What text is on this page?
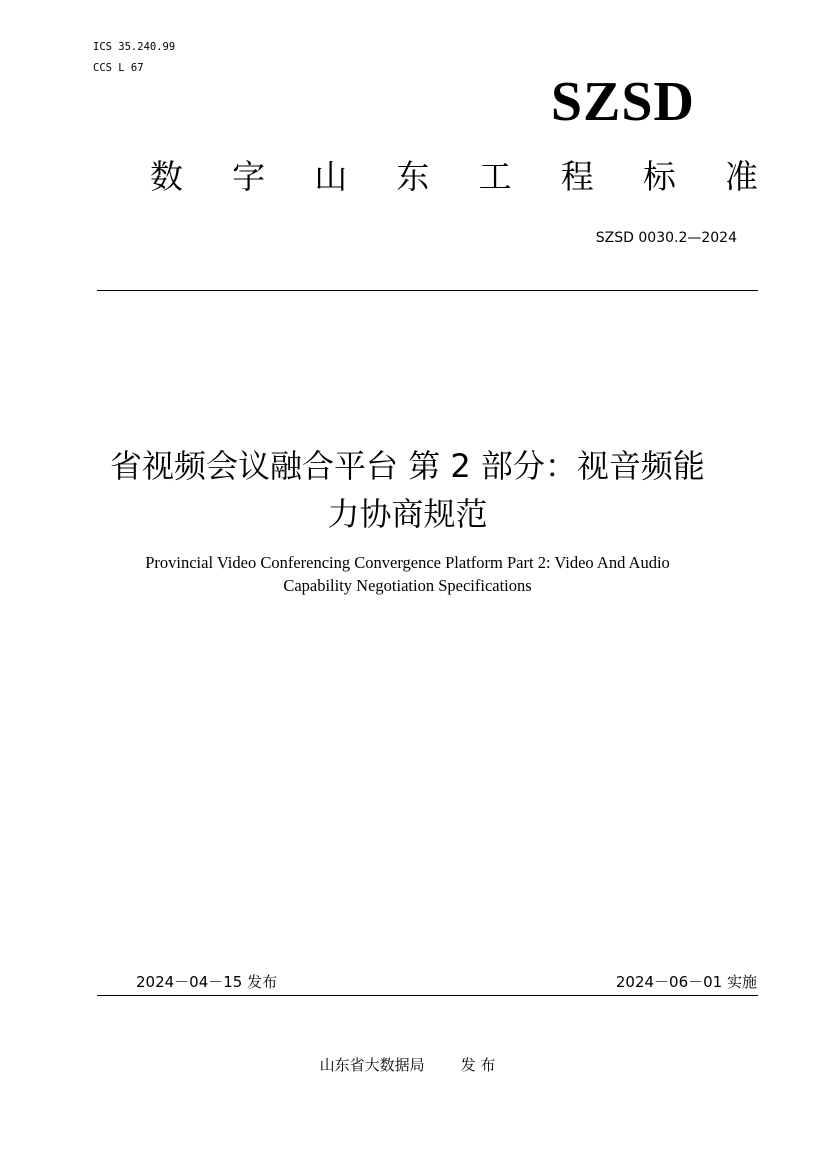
ICS 35.240.99
CCS L 67
SZSD
数 字 山 东 工 程 标 准
SZSD 0030.2—2024
省视频会议融合平台 第 2 部分：视音频能
力协商规范
Provincial Video Conferencing Convergence Platform Part 2: Video And Audio
Capability Negotiation Specifications
2024－04－15 发布	2024－06－01 实施
山东省大数据局 发 布
